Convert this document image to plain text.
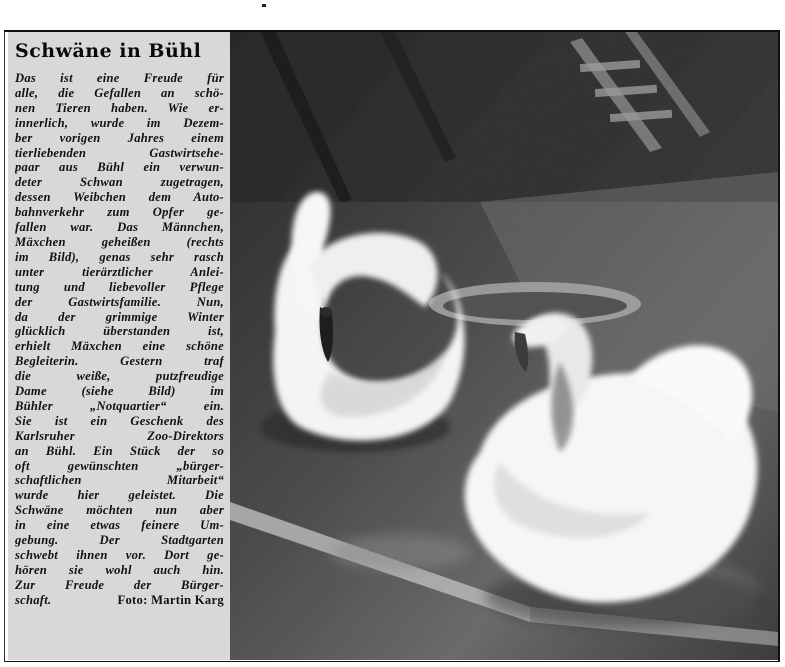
Schwäne in Bühl
Das ist eine Freude für
alle, die Gefallen an schö-
nen Tieren haben. Wie er-
innerlich, wurde im Dezem-
ber vorigen Jahres einem
tierliebenden Gastwirtsehe-
paar aus Bühl ein verwun-
deter Schwan zugetragen,
dessen Weibchen dem Auto-
bahnverkehr zum Opfer ge-
fallen war. Das Männchen,
Mäxchen geheißen (rechts
im Bild), genas sehr rasch
unter tierärztlicher Anlei-
tung und liebevoller Pflege
der Gastwirtsfamilie. Nun,
da der grimmige Winter
glücklich überstanden ist,
erhielt Mäxchen eine schöne
Begleiterin. Gestern traf
die weiße, putzfreudige
Dame (siehe Bild) im
Bühler „Notquartier“ ein.
Sie ist ein Geschenk des
Karlsruher Zoo-Direktors
an Bühl. Ein Stück der so
oft gewünschten „bürger-
schaftlichen Mitarbeit“
wurde hier geleistet. Die
Schwäne möchten nun aber
in eine etwas feinere Um-
gebung. Der Stadtgarten
schwebt ihnen vor. Dort ge-
hören sie wohl auch hin.
Zur Freude der Bürger-
schaft.	Foto: Martin Karg
